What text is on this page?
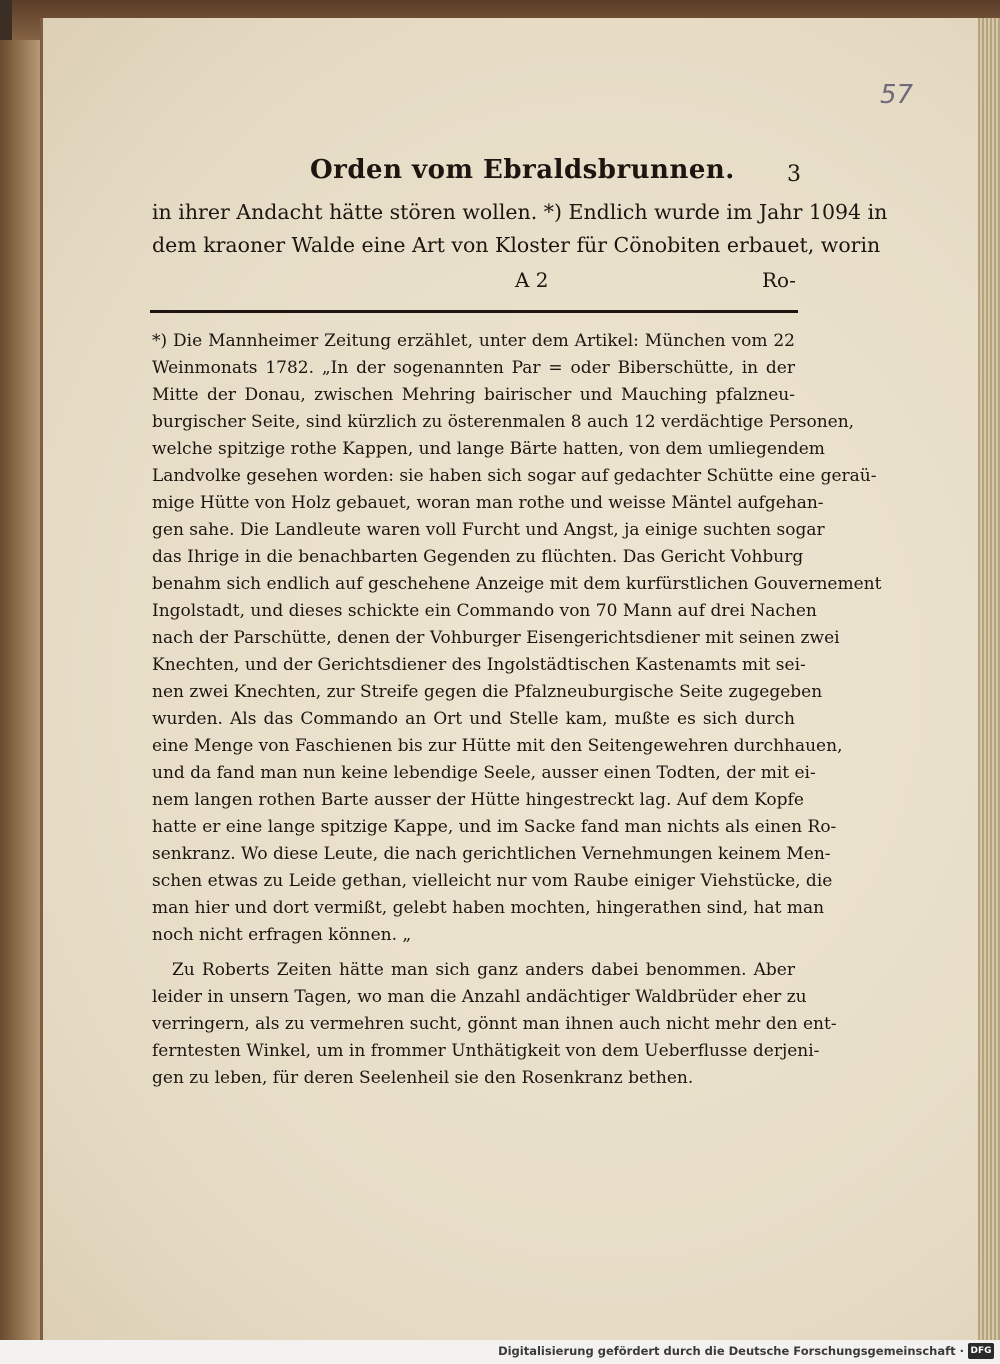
57
Orden vom Ebraldsbrunnen. 3
in ihrer Andacht hätte stören wollen. *) Endlich wurde im Jahr 1094 in
dem kraoner Walde eine Art von Kloster für Cönobiten erbauet, worin
A 2	Ro-
*) Die Mannheimer Zeitung erzählet, unter dem Artikel: München vom 22
Weinmonats 1782. „In der sogenannten Par = oder Biberschütte, in der
Mitte der Donau, zwischen Mehring bairischer und Mauching pfalzneu-
burgischer Seite, sind kürzlich zu österenmalen 8 auch 12 verdächtige Personen,
welche spitzige rothe Kappen, und lange Bärte hatten, von dem umliegendem
Landvolke gesehen worden: sie haben sich sogar auf gedachter Schütte eine geraü-
mige Hütte von Holz gebauet, woran man rothe und weisse Mäntel aufgehan-
gen sahe. Die Landleute waren voll Furcht und Angst, ja einige suchten sogar
das Ihrige in die benachbarten Gegenden zu flüchten. Das Gericht Vohburg
benahm sich endlich auf geschehene Anzeige mit dem kurfürstlichen Gouvernement
Ingolstadt, und dieses schickte ein Commando von 70 Mann auf drei Nachen
nach der Parschütte, denen der Vohburger Eisengerichtsdiener mit seinen zwei
Knechten, und der Gerichtsdiener des Ingolstädtischen Kastenamts mit sei-
nen zwei Knechten, zur Streife gegen die Pfalzneuburgische Seite zugegeben
wurden. Als das Commando an Ort und Stelle kam, mußte es sich durch
eine Menge von Faschienen bis zur Hütte mit den Seitengewehren durchhauen,
und da fand man nun keine lebendige Seele, ausser einen Todten, der mit ei-
nem langen rothen Barte ausser der Hütte hingestreckt lag. Auf dem Kopfe
hatte er eine lange spitzige Kappe, und im Sacke fand man nichts als einen Ro-
senkranz. Wo diese Leute, die nach gerichtlichen Vernehmungen keinem Men-
schen etwas zu Leide gethan, vielleicht nur vom Raube einiger Viehstücke, die
man hier und dort vermißt, gelebt haben mochten, hingerathen sind, hat man
noch nicht erfragen können. „
Zu Roberts Zeiten hätte man sich ganz anders dabei benommen. Aber
leider in unsern Tagen, wo man die Anzahl andächtiger Waldbrüder eher zu
verringern, als zu vermehren sucht, gönnt man ihnen auch nicht mehr den ent-
ferntesten Winkel, um in frommer Unthätigkeit von dem Ueberflusse derjeni-
gen zu leben, für deren Seelenheil sie den Rosenkranz bethen.
Digitalisierung gefördert durch die Deutsche Forschungsgemeinschaft · DFG
